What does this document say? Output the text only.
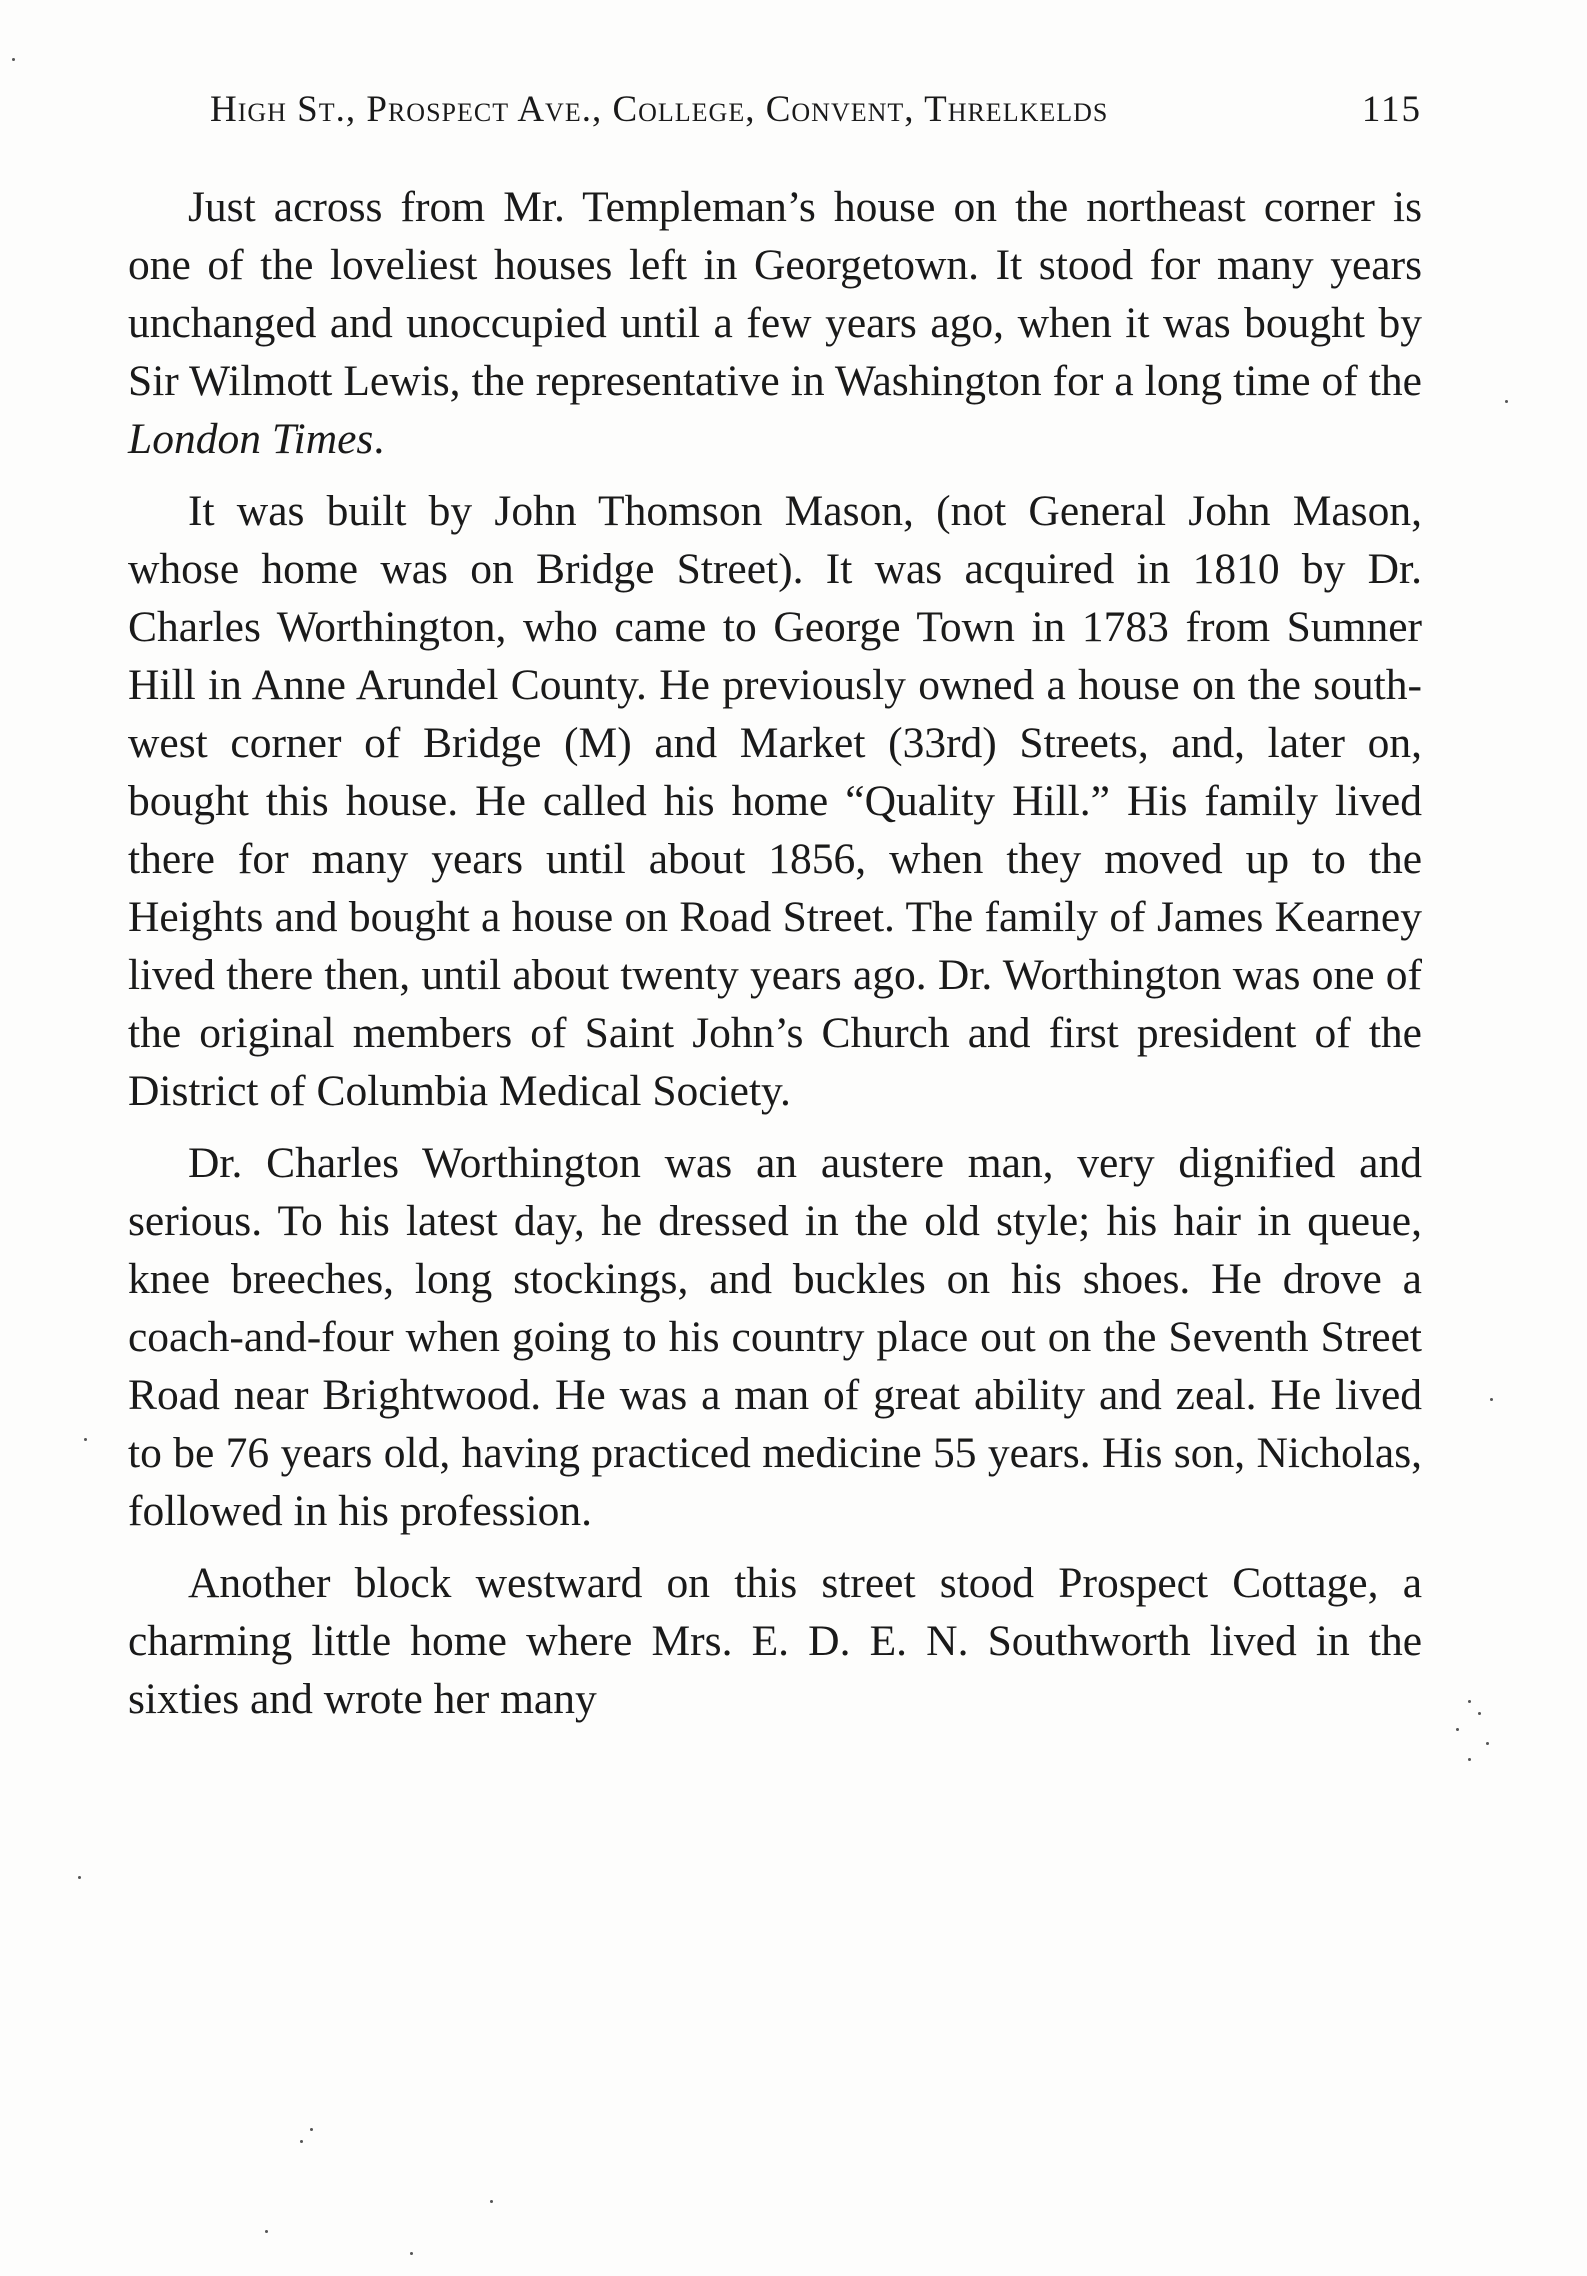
High St., Prospect Ave., College, Convent, Threlkelds	115

Just across from Mr. Templeman’s house on the northeast corner is one of the loveliest houses left in Georgetown. It stood for many years unchanged and unoccupied until a few years ago, when it was bought by Sir Wilmott Lewis, the representative in Washington for a long time of the London Times.

It was built by John Thomson Mason, (not General John Mason, whose home was on Bridge Street). It was acquired in 1810 by Dr. Charles Worthington, who came to George Town in 1783 from Sumner Hill in Anne Arundel County. He previously owned a house on the southwest corner of Bridge (M) and Market (33rd) Streets, and, later on, bought this house. He called his home “Quality Hill.” His family lived there for many years until about 1856, when they moved up to the Heights and bought a house on Road Street. The family of James Kearney lived there then, until about twenty years ago. Dr. Worthington was one of the original members of Saint John’s Church and first president of the District of Columbia Medical Society.

Dr. Charles Worthington was an austere man, very dignified and serious. To his latest day, he dressed in the old style; his hair in queue, knee breeches, long stockings, and buckles on his shoes. He drove a coach-and-four when going to his country place out on the Seventh Street Road near Brightwood. He was a man of great ability and zeal. He lived to be 76 years old, having practiced medicine 55 years. His son, Nicholas, followed in his profession.

Another block westward on this street stood Prospect Cottage, a charming little home where Mrs. E. D. E. N. Southworth lived in the sixties and wrote her many
